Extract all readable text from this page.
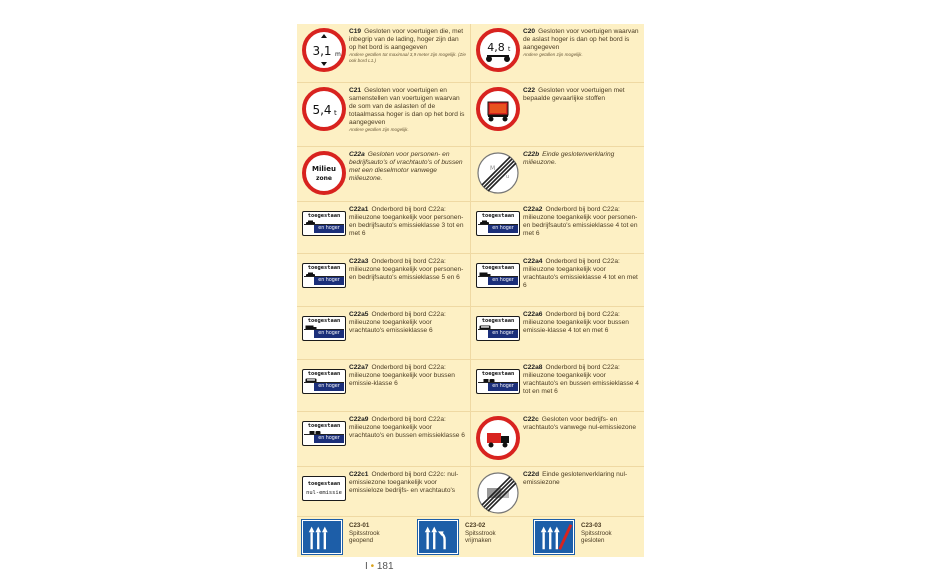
3,1 m
C19 Gesloten voor voertuigen die, met inbegrip van de lading, hoger zijn dan op het bord is aangegeven
Andere getallen tot maximaal 3,9 meter zijn mogelijk. (Zie ook bord L1.)
4,8 t
C20 Gesloten voor voertuigen waarvan de aslast hoger is dan op het bord is aangegeven
Andere getallen zijn mogelijk.
5,4 t
C21 Gesloten voor voertuigen en samenstellen van voertuigen waarvan de som van de aslasten of de totaalmassa hoger is dan op het bord is aangegeven
Andere getallen zijn mogelijk.
C22 Gesloten voor voertuigen met bepaalde gevaarlijke stoffen
Milieu
zone
C22a Gesloten voor personen- en bedrijfsauto's of vrachtauto's of bussen met een dieselmotor vanwege milieuzone.
M
u
C22b Einde geslotenverklaring milieuzone.
toegestaan
en hoger
C22a1 Onderbord bij bord C22a: milieuzone toegankelijk voor personen- en bedrijfsauto's emissieklasse 3 tot en met 6
toegestaan
en hoger
C22a2 Onderbord bij bord C22a: milieuzone toegankelijk voor personen- en bedrijfsauto's emissieklasse 4 tot en met 6
toegestaan
en hoger
C22a3 Onderbord bij bord C22a: milieuzone toegankelijk voor personen- en bedrijfsauto's emissieklasse 5 en 6
toegestaan
en hoger
C22a4 Onderbord bij bord C22a: milieuzone toegankelijk voor vrachtauto's emissieklasse 4 tot en met 6
toegestaan
en hoger
C22a5 Onderbord bij bord C22a: milieuzone toegankelijk voor vrachtauto's emissieklasse 6
toegestaan
en hoger
C22a6 Onderbord bij bord C22a: milieuzone toegankelijk voor bussen emissie-klasse 4 tot en met 6
toegestaan
en hoger
C22a7 Onderbord bij bord C22a: milieuzone toegankelijk voor bussen emissie-klasse 6
toegestaan
en hoger
C22a8 Onderbord bij bord C22a: milieuzone toegankelijk voor vrachtauto's en bussen emissieklasse 4 tot en met 6
toegestaan
en hoger
C22a9 Onderbord bij bord C22a: milieuzone toegankelijk voor vrachtauto's en bussen emissieklasse 6
C22c Gesloten voor bedrijfs- en vrachtauto's vanwege nul-emissiezone
toegestaan
nul-emissie
C22c1 Onderbord bij bord C22c: nul-emissiezone toegankelijk voor emissieloze bedrijfs- en vrachtauto's
C22d Einde geslotenverklaring nul-emissiezone
C23-01
Spitsstrook
geopend
C23-02
Spitsstrook
vrijmaken
C23-03
Spitsstrook
gesloten
I • 181
